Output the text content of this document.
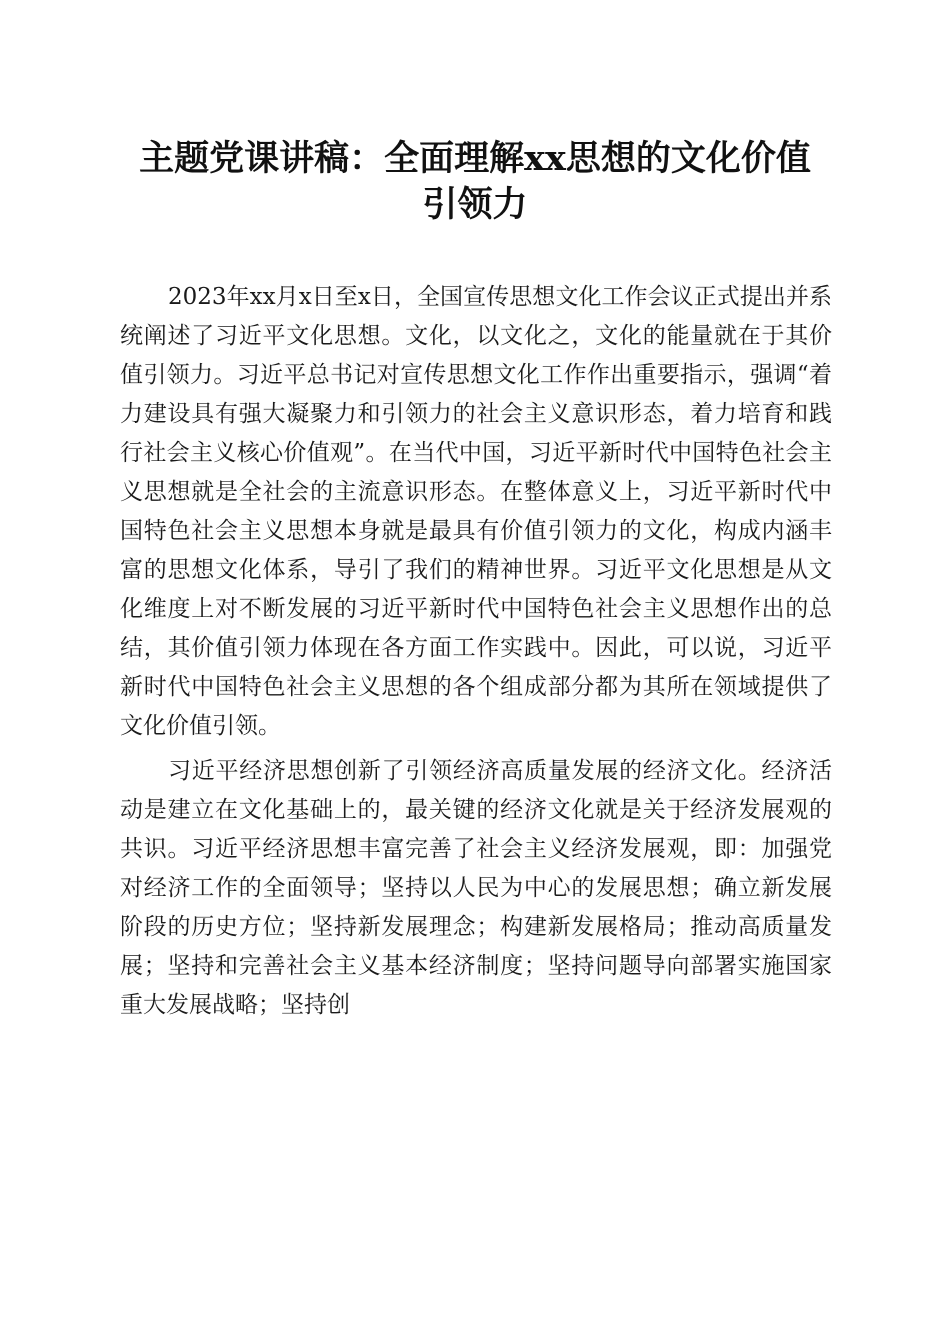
主题党课讲稿：全面理解xx思想的文化价值
引领力

2023年xx月x日至x日，全国宣传思想文化工作会议正式提出并系统阐述了习近平文化思想。文化，以文化之，文化的能量就在于其价值引领力。习近平总书记对宣传思想文化工作作出重要指示，强调“着力建设具有强大凝聚力和引领力的社会主义意识形态，着力培育和践行社会主义核心价值观”。在当代中国，习近平新时代中国特色社会主义思想就是全社会的主流意识形态。在整体意义上，习近平新时代中国特色社会主义思想本身就是最具有价值引领力的文化，构成内涵丰富的思想文化体系，导引了我们的精神世界。习近平文化思想是从文化维度上对不断发展的习近平新时代中国特色社会主义思想作出的总结，其价值引领力体现在各方面工作实践中。因此，可以说，习近平新时代中国特色社会主义思想的各个组成部分都为其所在领域提供了文化价值引领。

习近平经济思想创新了引领经济高质量发展的经济文化。经济活动是建立在文化基础上的，最关键的经济文化就是关于经济发展观的共识。习近平经济思想丰富完善了社会主义经济发展观，即：加强党对经济工作的全面领导；坚持以人民为中心的发展思想；确立新发展阶段的历史方位；坚持新发展理念；构建新发展格局；推动高质量发展；坚持和完善社会主义基本经济制度；坚持问题导向部署实施国家重大发展战略；坚持创
